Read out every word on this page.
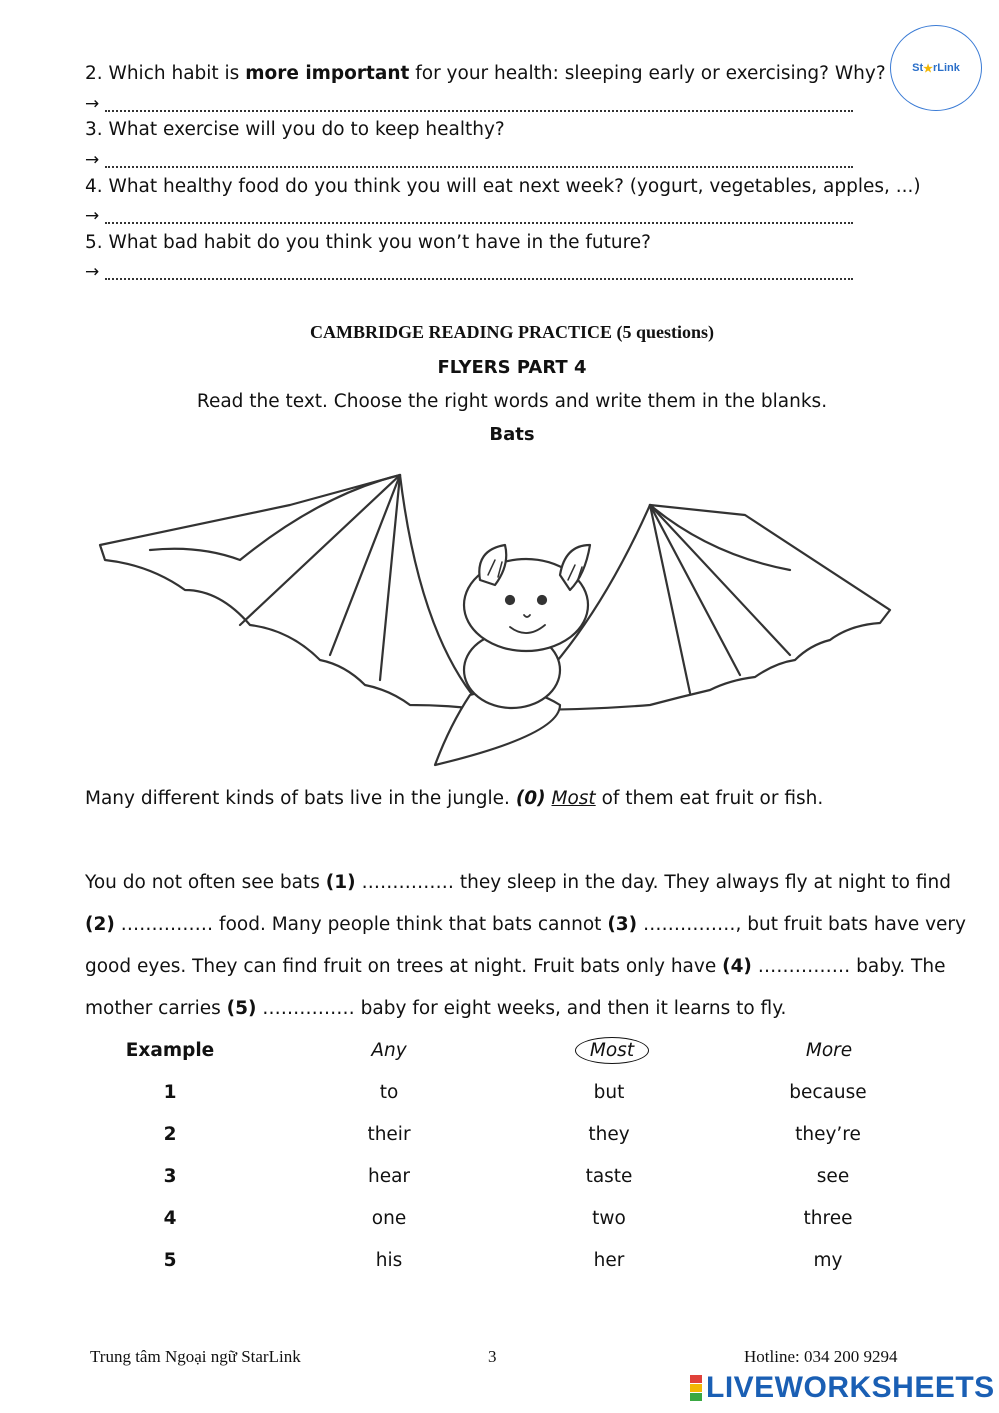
2. Which habit is more important for your health: sleeping early or exercising? Why?
→
3. What exercise will you do to keep healthy?
→
4. What healthy food do you think you will eat next week? (yogurt, vegetables, apples, ...)
→
5. What bad habit do you think you won’t have in the future?
→
St ★ rLink
CAMBRIDGE READING PRACTICE (5 questions)
FLYERS PART 4
Read the text. Choose the right words and write them in the blanks.
Bats
Many different kinds of bats live in the jungle. (0) Most of them eat fruit or fish.
You do not often see bats (1) …………… they sleep in the day. They always fly at night to find
(2) …………… food. Many people think that bats cannot (3) ……………, but fruit bats have very
good eyes. They can find fruit on trees at night. Fruit bats only have (4) …………… baby. The
mother carries (5) …………… baby for eight weeks, and then it learns to fly.
Example	Any	Most	More
1	to	but	because
2	their	they	they’re
3	hear	taste	see
4	one	two	three
5	his	her	my
Trung tâm Ngoại ngữ StarLink	3	Hotline: 034 200 9294
LIVEWORKSHEETS
